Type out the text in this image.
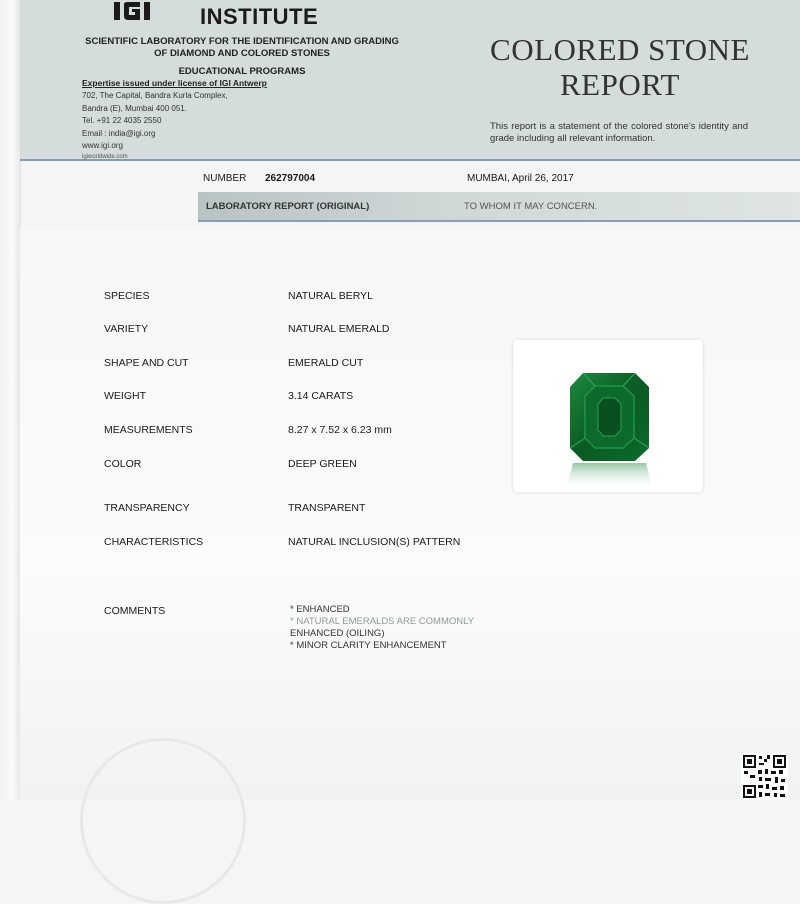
INSTITUTE
SCIENTIFIC LABORATORY FOR THE IDENTIFICATION AND GRADING
OF DIAMOND AND COLORED STONES
EDUCATIONAL PROGRAMS
Expertise issued under license of IGI Antwerp
702, The Capital, Bandra Kurla Complex,
Bandra (E), Mumbai 400 051.
Tel. +91 22 4035 2550
Email : india@igi.org
www.igi.org
igiworldwide.com
COLORED STONE
REPORT
This report is a statement of the colored stone's identity and grade including all relevant information.
NUMBER 262797004	MUMBAI, April 26, 2017
LABORATORY REPORT (ORIGINAL)	TO WHOM IT MAY CONCERN.
SPECIES	NATURAL BERYL
VARIETY	NATURAL EMERALD
SHAPE AND CUT	EMERALD CUT
WEIGHT	3.14 CARATS
MEASUREMENTS	8.27 x 7.52 x 6.23 mm
COLOR	DEEP GREEN
TRANSPARENCY	TRANSPARENT
CHARACTERISTICS	NATURAL INCLUSION(S) PATTERN
COMMENTS	* ENHANCED
* NATURAL EMERALDS ARE COMMONLY
ENHANCED (OILING)
* MINOR CLARITY ENHANCEMENT
